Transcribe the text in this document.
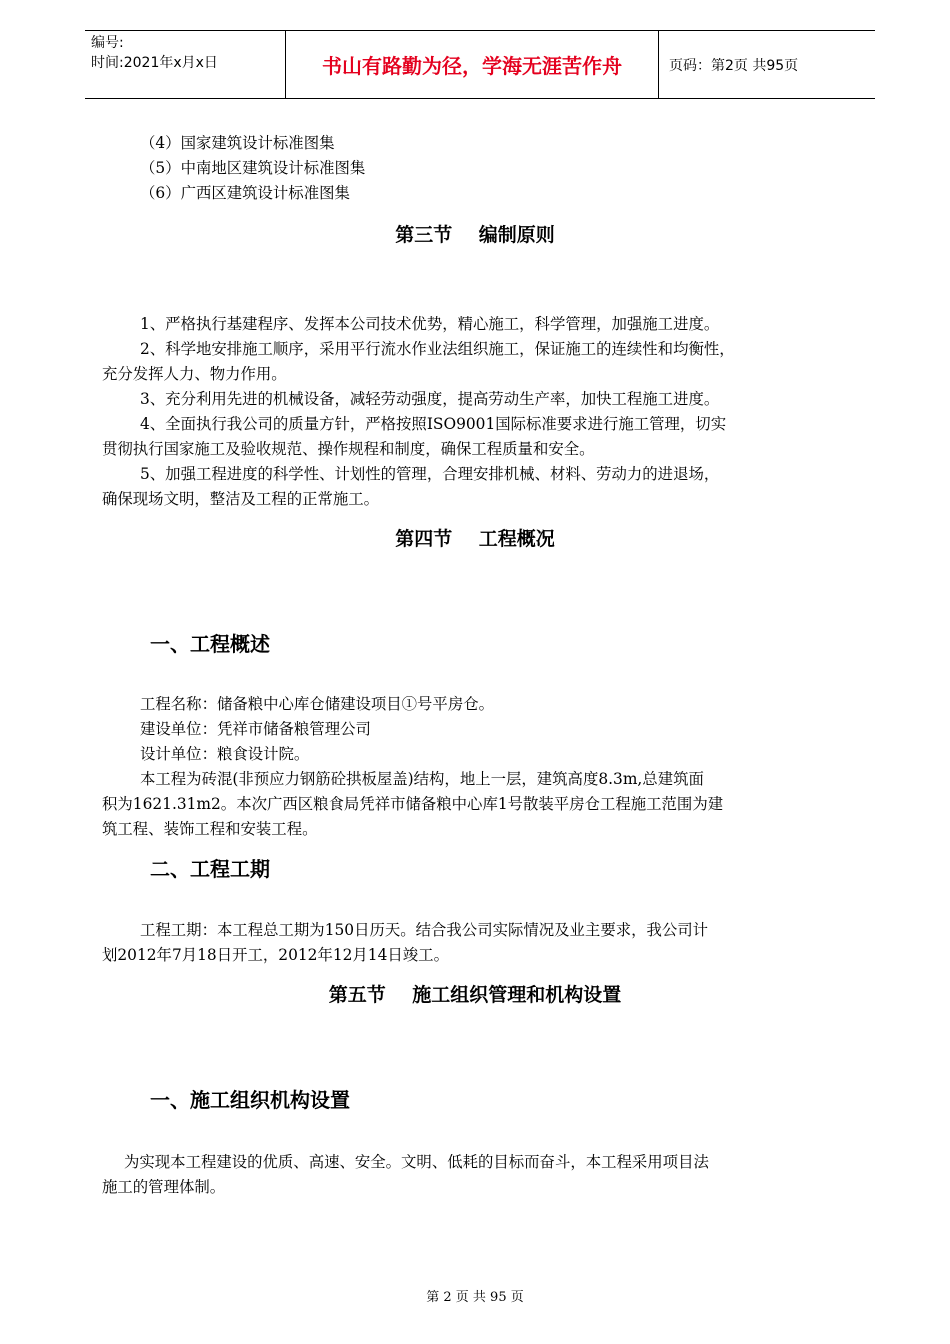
编号:
时间:2021年x月x日	书山有路勤为径，学海无涯苦作舟	页码：第2页 共95页
（4）国家建筑设计标准图集
（5）中南地区建筑设计标准图集
（6）广西区建筑设计标准图集
第三节    编制原则
1、严格执行基建程序、发挥本公司技术优势，精心施工，科学管理，加强施工进度。
2、科学地安排施工顺序，采用平行流水作业法组织施工，保证施工的连续性和均衡性，
充分发挥人力、物力作用。
3、充分利用先进的机械设备，减轻劳动强度，提高劳动生产率，加快工程施工进度。
4、全面执行我公司的质量方针，严格按照ISO9001国际标准要求进行施工管理，切实
贯彻执行国家施工及验收规范、操作规程和制度，确保工程质量和安全。
5、加强工程进度的科学性、计划性的管理，合理安排机械、材料、劳动力的进退场，
确保现场文明，整洁及工程的正常施工。
第四节    工程概况
一、工程概述
工程名称：储备粮中心库仓储建设项目①号平房仓。
建设单位：凭祥市储备粮管理公司
设计单位：粮食设计院。
本工程为砖混(非预应力钢筋砼拱板屋盖)结构，地上一层，建筑高度8.3m,总建筑面
积为1621.31m2。本次广西区粮食局凭祥市储备粮中心库1号散装平房仓工程施工范围为建
筑工程、装饰工程和安装工程。
二、工程工期
工程工期：本工程总工期为150日历天。结合我公司实际情况及业主要求，我公司计
划2012年7月18日开工，2012年12月14日竣工。
第五节    施工组织管理和机构设置
一、施工组织机构设置
为实现本工程建设的优质、高速、安全。文明、低耗的目标而奋斗，本工程采用项目法
施工的管理体制。
第 2 页 共 95 页
